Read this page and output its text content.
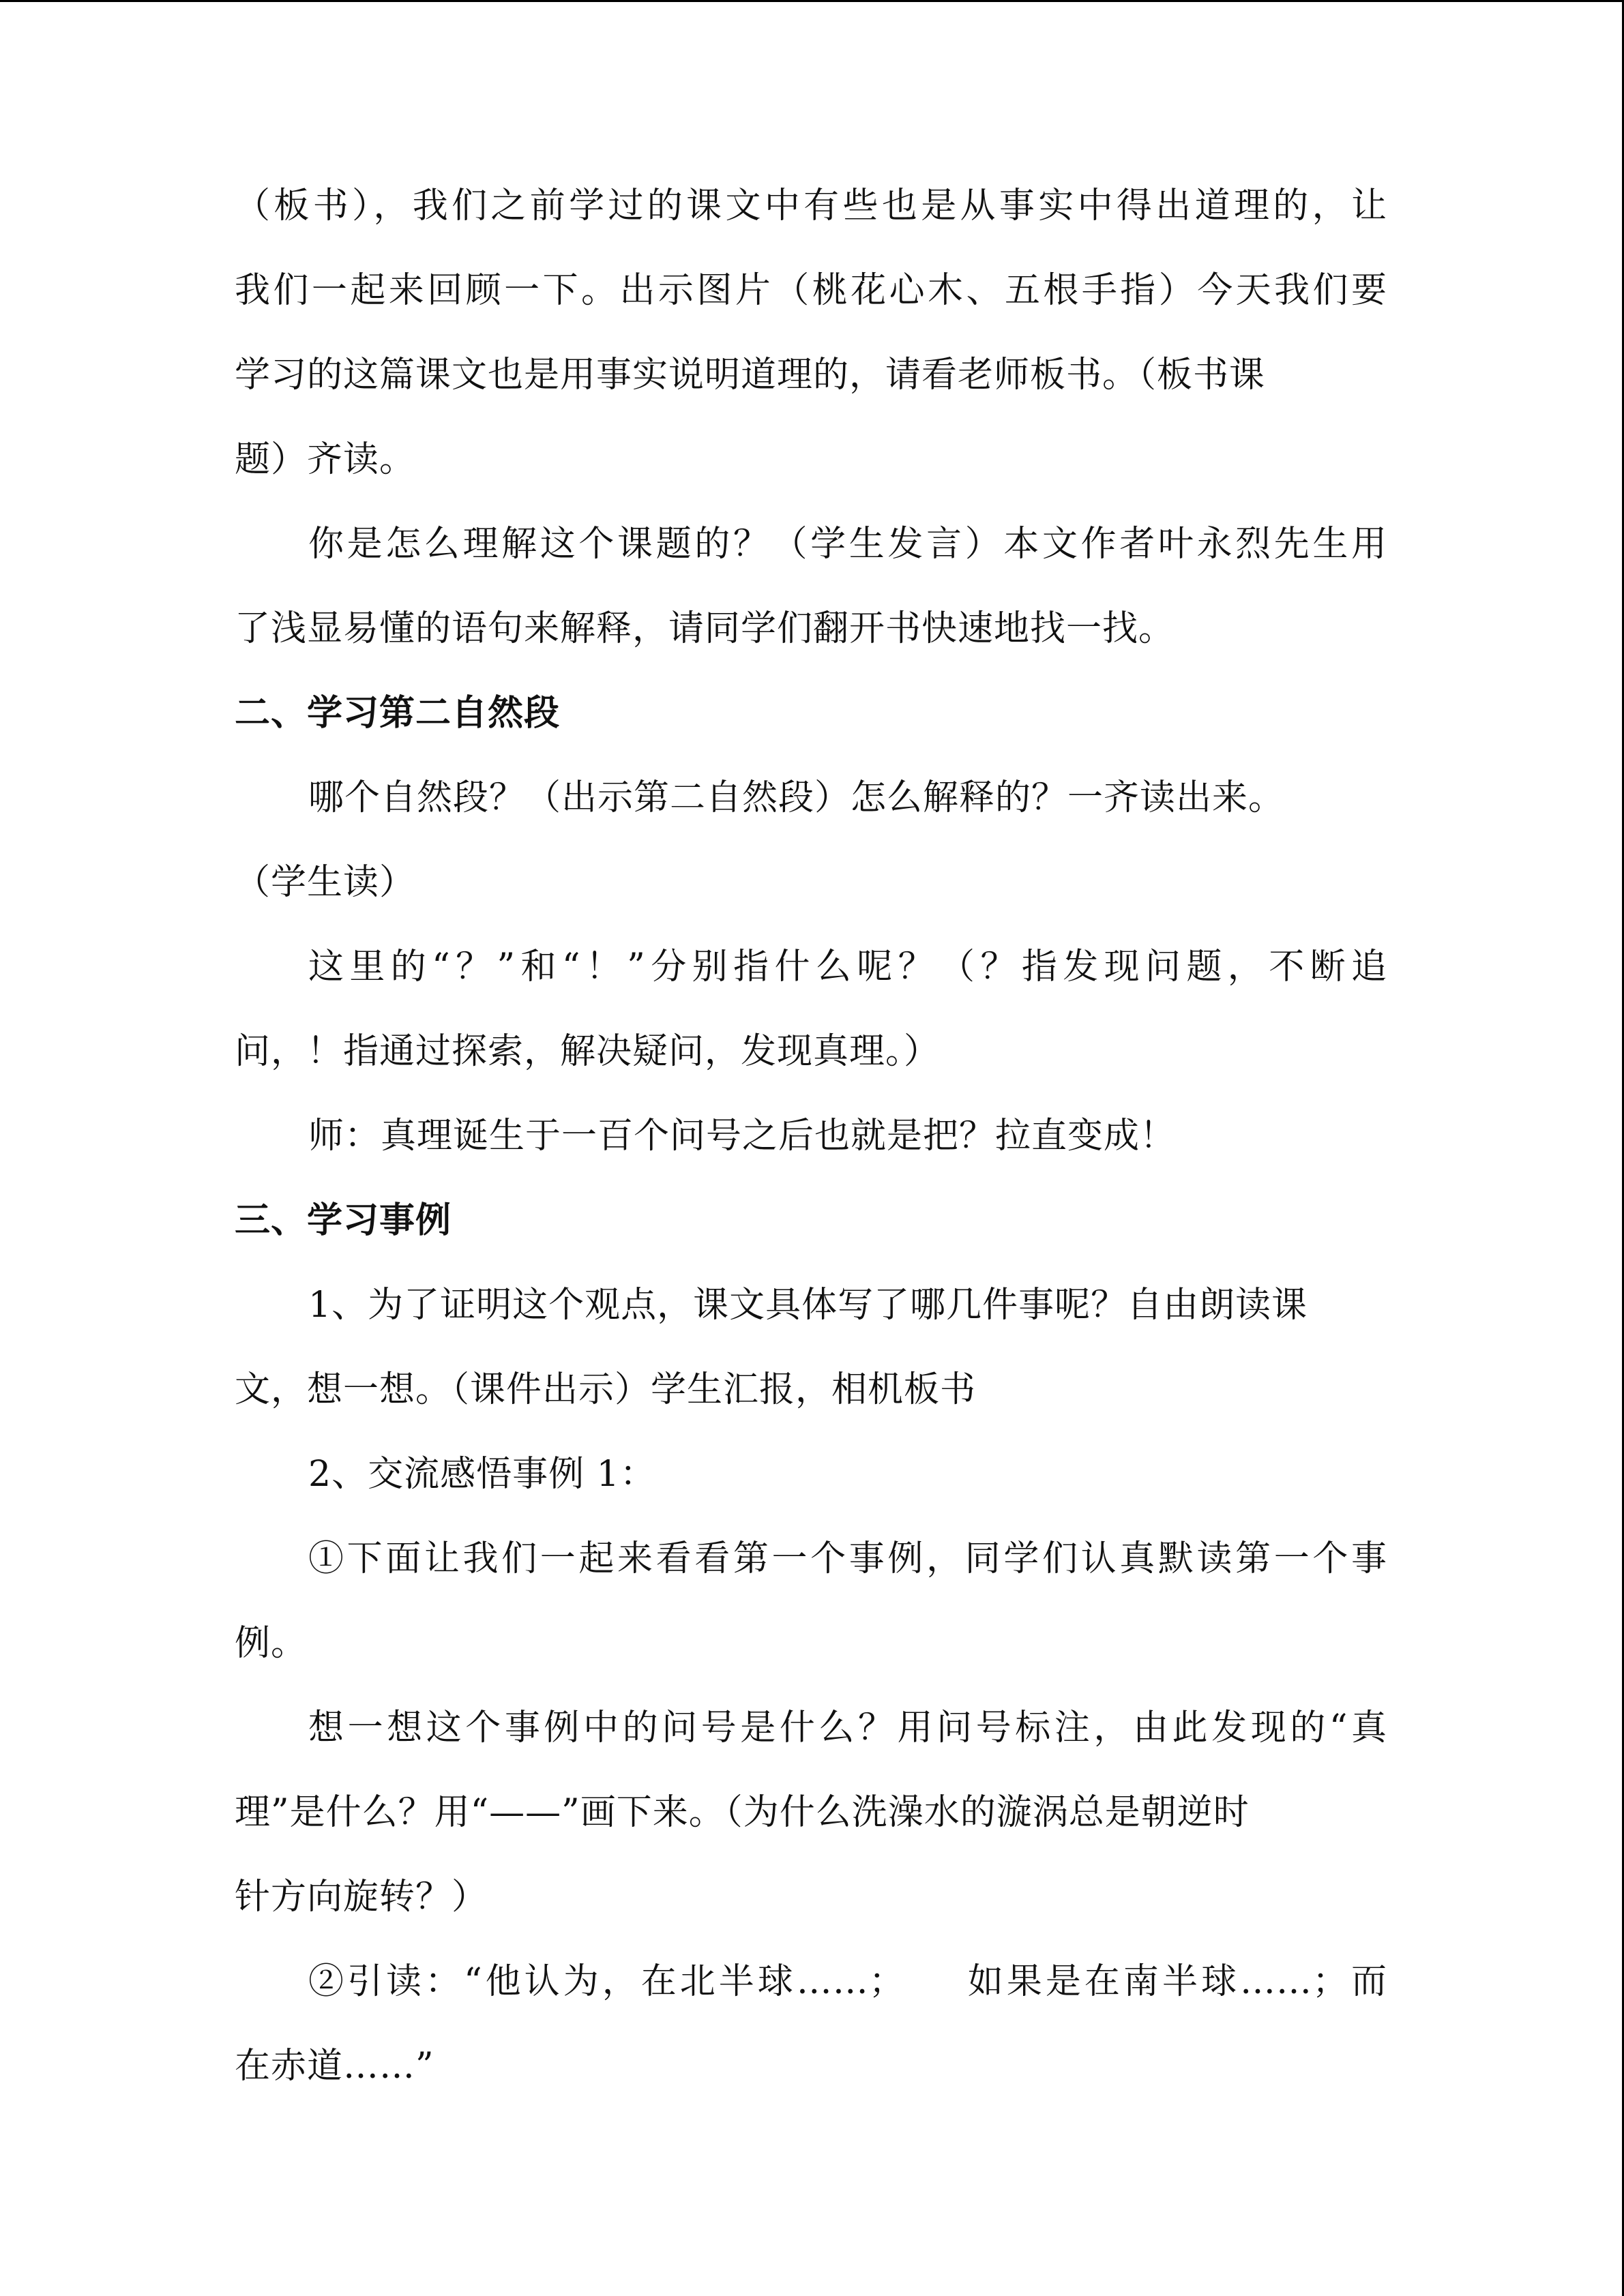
（板书），我们之前学过的课文中有些也是从事实中得出道理的，让
我们一起来回顾一下。出示图片（桃花心木、五根手指）今天我们要
学习的这篇课文也是用事实说明道理的，请看老师板书。（板书课
题）齐读。
你是怎么理解这个课题的？（学生发言）本文作者叶永烈先生用
了浅显易懂的语句来解释，请同学们翻开书快速地找一找。
二、学习第二自然段
哪个自然段？（出示第二自然段）怎么解释的？一齐读出来。
（学生读）
这里的“？”和“！”分别指什么呢？（？指发现问题，不断追
问，！指通过探索，解决疑问，发现真理。）
师：真理诞生于一百个问号之后也就是把？拉直变成！
三、学习事例
1、为了证明这个观点，课文具体写了哪几件事呢？自由朗读课
文，想一想。（课件出示）学生汇报，相机板书
2、交流感悟事例 1：
①下面让我们一起来看看第一个事例，同学们认真默读第一个事
例。
想一想这个事例中的问号是什么？用问号标注，由此发现的“真
理”是什么？用“——”画下来。（为什么洗澡水的漩涡总是朝逆时
针方向旋转？）
②引读：“他认为，在北半球……；　　如果是在南半球……；而
在赤道……”
